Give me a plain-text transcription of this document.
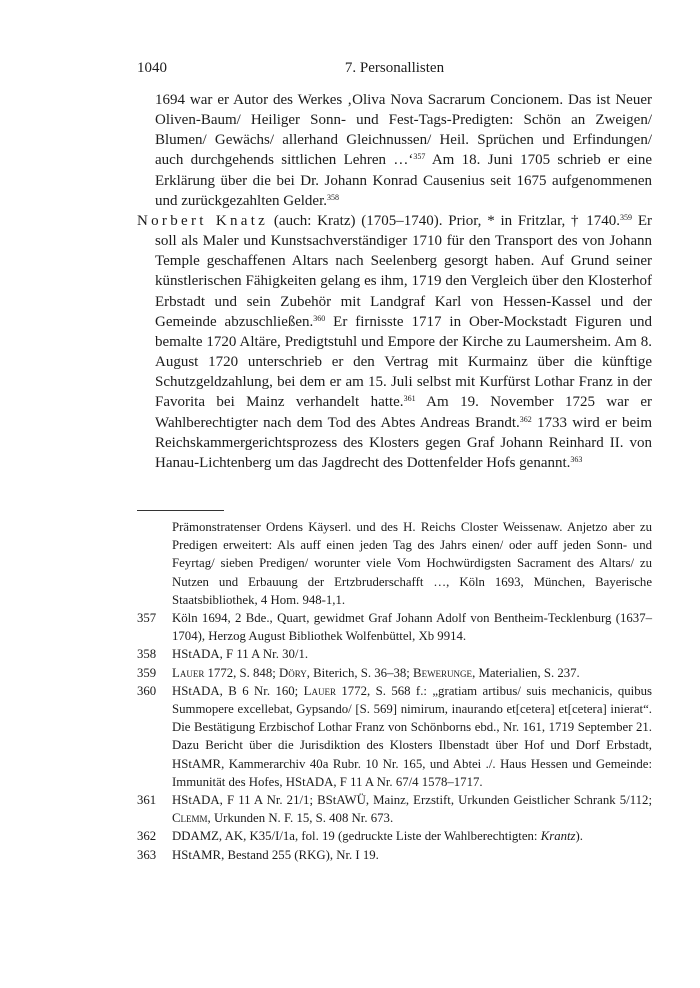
1040	7. Personallisten

1694 war er Autor des Werkes ‚Oliva Nova Sacrarum Concionem. Das ist Neuer Oliven-Baum/ Heiliger Sonn- und Fest-Tags-Predigten: Schön an Zweigen/ Blumen/ Gewächs/ allerhand Gleichnussen/ Heil. Sprüchen und Erfindungen/ auch durchgehends sittlichen Lehren …‘$^{357}$ Am 18. Juni 1705 schrieb er eine Erklärung über die bei Dr. Johann Konrad Causenius seit 1675 aufgenommenen und zurückgezahlten Gelder.$^{358}$

Norbert Knatz (auch: Kratz) (1705–1740). Prior, * in Fritzlar, † 1740.$^{359}$ Er soll als Maler und Kunstsachverständiger 1710 für den Transport des von Johann Temple geschaffenen Altars nach Seelenberg gesorgt haben. Auf Grund seiner künstlerischen Fähigkeiten gelang es ihm, 1719 den Vergleich über den Klosterhof Erbstadt und sein Zubehör mit Landgraf Karl von Hessen-Kassel und der Gemeinde abzuschließen.$^{360}$ Er firnisste 1717 in Ober-Mockstadt Figuren und bemalte 1720 Altäre, Predigtstuhl und Empore der Kirche zu Laumersheim. Am 8. August 1720 unterschrieb er den Vertrag mit Kurmainz über die künftige Schutzgeldzahlung, bei dem er am 15. Juli selbst mit Kurfürst Lothar Franz in der Favorita bei Mainz verhandelt hatte.$^{361}$ Am 19. November 1725 war er Wahlberechtigter nach dem Tod des Abtes Andreas Brandt.$^{362}$ 1733 wird er beim Reichskammergerichtsprozess des Klosters gegen Graf Johann Reinhard II. von Hanau-Lichtenberg um das Jagdrecht des Dottenfelder Hofs genannt.$^{363}$

Prämonstratenser Ordens Käyserl. und des H. Reichs Closter Weissenaw. Anjetzo aber zu Predigen erweitert: Als auff einen jeden Tag des Jahrs einen/ oder auff jeden Sonn- und Feyrtag/ sieben Predigen/ worunter viele Vom Hochwürdigsten Sacrament des Altars/ zu Nutzen und Erbauung der Ertzbruderschafft …, Köln 1693, München, Bayerische Staatsbibliothek, 4 Hom. 948-1,1.
357 Köln 1694, 2 Bde., Quart, gewidmet Graf Johann Adolf von Bentheim-Tecklenburg (1637–1704), Herzog August Bibliothek Wolfenbüttel, Xb 9914.
358 HStADA, F 11 A Nr. 30/1.
359 Lauer 1772, S. 848; Döry, Biterich, S. 36–38; Bewerunge, Materialien, S. 237.
360 HStADA, B 6 Nr. 160; Lauer 1772, S. 568 f.: „gratiam artibus/ suis mechanicis, quibus Summopere excellebat, Gypsando/ [S. 569] nimirum, inaurando et[cetera] et[cetera] inierat“. Die Bestätigung Erzbischof Lothar Franz von Schönborns ebd., Nr. 161, 1719 September 21. Dazu Bericht über die Jurisdiktion des Klosters Ilbenstadt über Hof und Dorf Erbstadt, HStAMR, Kammerarchiv 40a Rubr. 10 Nr. 165, und Abtei ./. Haus Hessen und Gemeinde: Immunität des Hofes, HStADA, F 11 A Nr. 67/4 1578–1717.
361 HStADA, F 11 A Nr. 21/1; BStAWÜ, Mainz, Erzstift, Urkunden Geistlicher Schrank 5/112; Clemm, Urkunden N. F. 15, S. 408 Nr. 673.
362 DDAMZ, AK, K35/I/1a, fol. 19 (gedruckte Liste der Wahlberechtigten: Krantz).
363 HStAMR, Bestand 255 (RKG), Nr. I 19.
